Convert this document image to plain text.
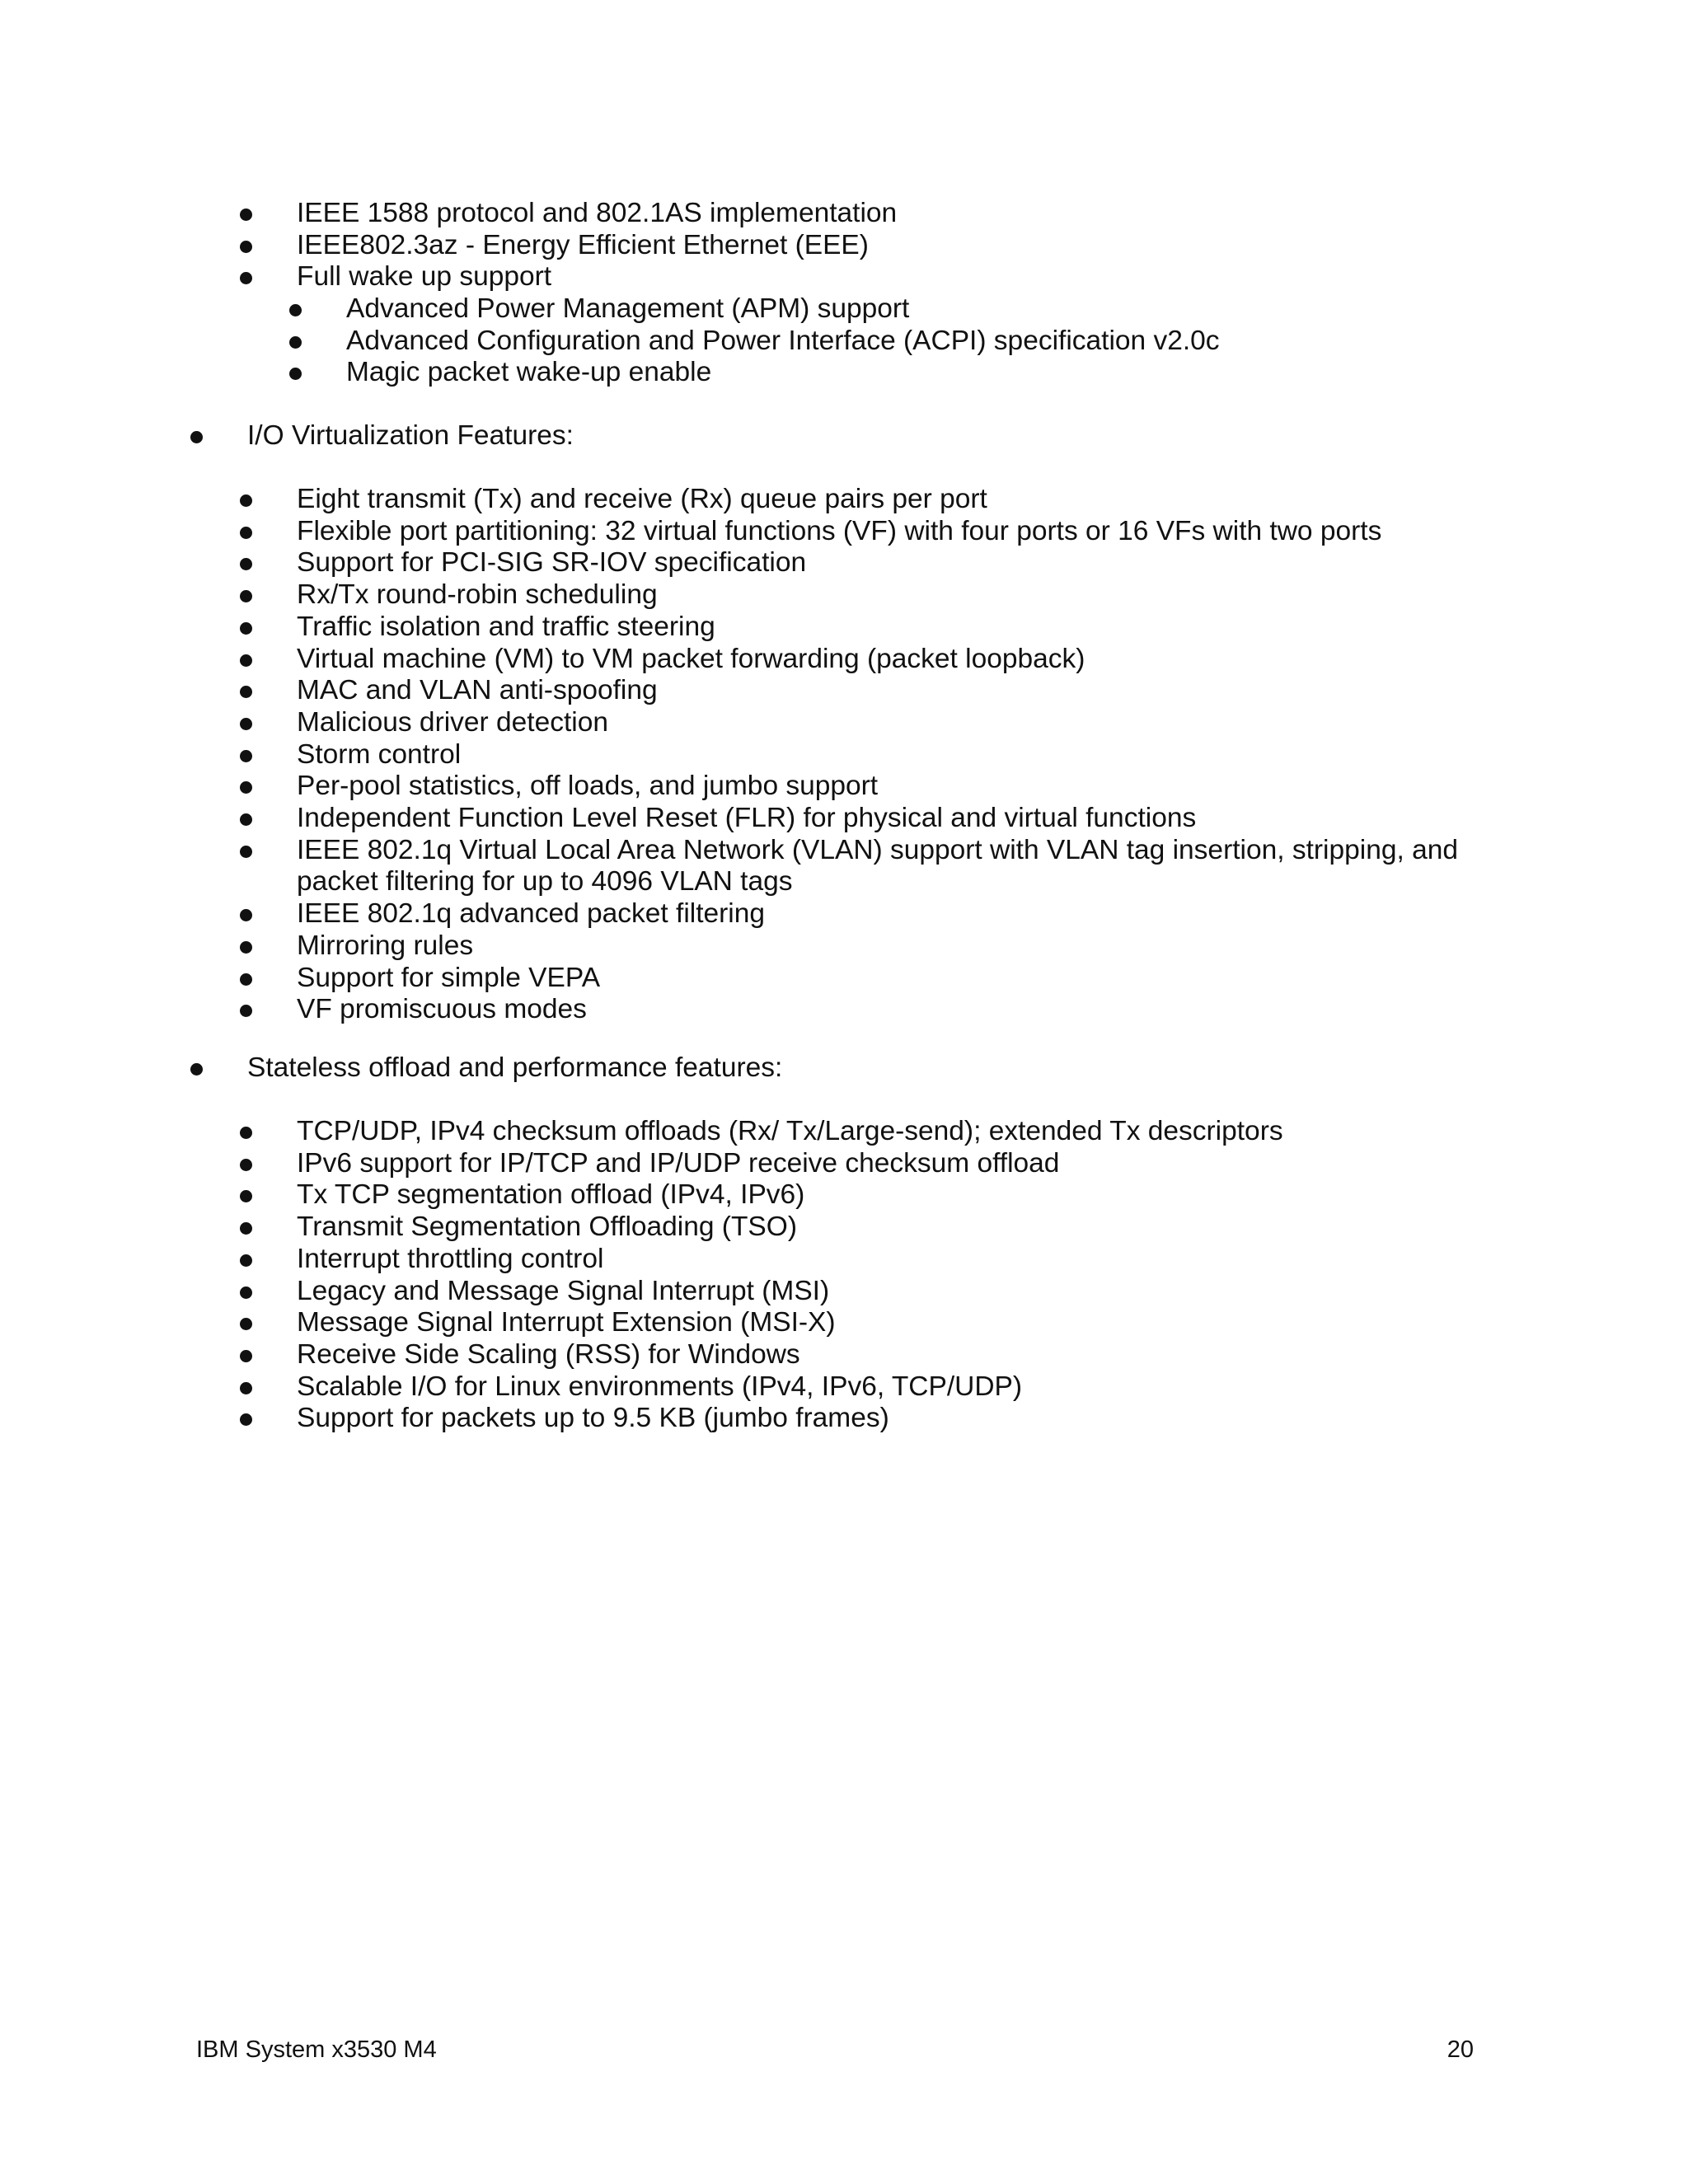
IEEE 1588 protocol and 802.1AS implementation
IEEE802.3az - Energy Efficient Ethernet (EEE)
Full wake up support
Advanced Power Management (APM) support
Advanced Configuration and Power Interface (ACPI) specification v2.0c
Magic packet wake-up enable
I/O Virtualization Features:
Eight transmit (Tx) and receive (Rx) queue pairs per port
Flexible port partitioning: 32 virtual functions (VF) with four ports or 16 VFs with two ports
Support for PCI-SIG SR-IOV specification
Rx/Tx round-robin scheduling
Traffic isolation and traffic steering
Virtual machine (VM) to VM packet forwarding (packet loopback)
MAC and VLAN anti-spoofing
Malicious driver detection
Storm control
Per-pool statistics, off loads, and jumbo support
Independent Function Level Reset (FLR) for physical and virtual functions
IEEE 802.1q Virtual Local Area Network (VLAN) support with VLAN tag insertion, stripping, and packet filtering for up to 4096 VLAN tags
IEEE 802.1q advanced packet filtering
Mirroring rules
Support for simple VEPA
VF promiscuous modes
Stateless offload and performance features:
TCP/UDP, IPv4 checksum offloads (Rx/ Tx/Large-send); extended Tx descriptors
IPv6 support for IP/TCP and IP/UDP receive checksum offload
Tx TCP segmentation offload (IPv4, IPv6)
Transmit Segmentation Offloading (TSO)
Interrupt throttling control
Legacy and Message Signal Interrupt (MSI)
Message Signal Interrupt Extension (MSI-X)
Receive Side Scaling (RSS) for Windows
Scalable I/O for Linux environments (IPv4, IPv6, TCP/UDP)
Support for packets up to 9.5 KB (jumbo frames)
IBM System x3530 M4	20
